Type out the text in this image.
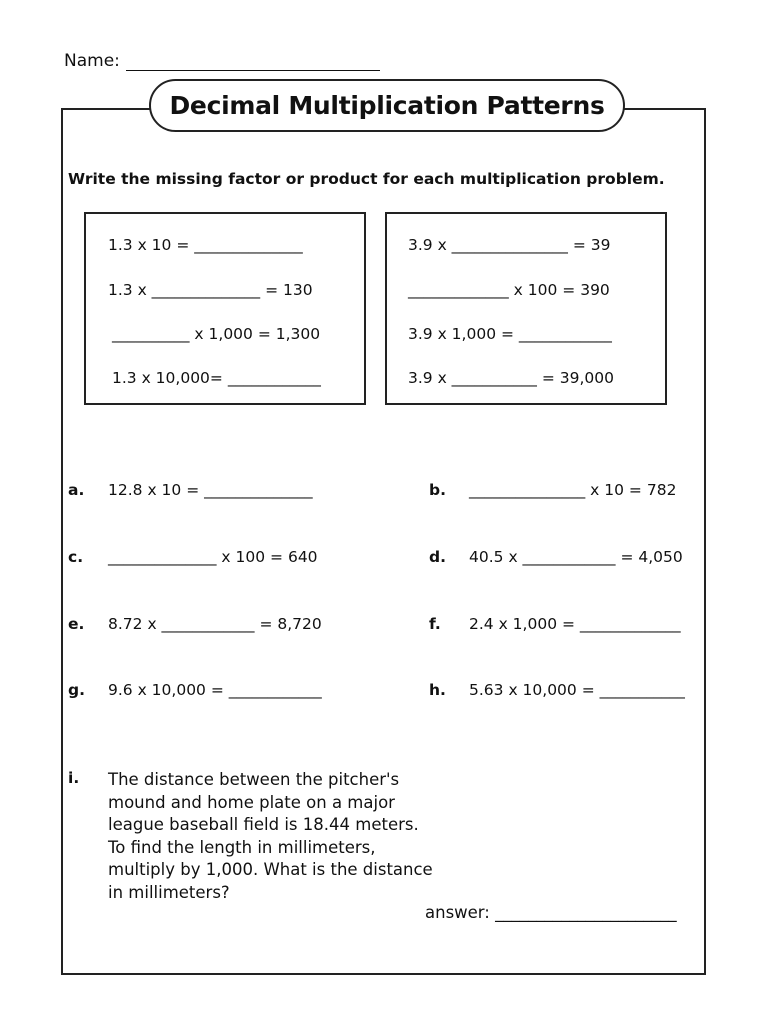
Name:
Decimal Multiplication Patterns
Write the missing factor or product for each multiplication problem.
1.3 x 10 = ______________
1.3 x ______________ = 130
__________ x 1,000 = 1,300
1.3 x 10,000= ____________
3.9 x _______________ = 39
_____________ x 100 = 390
3.9 x 1,000 = ____________
3.9 x ___________ = 39,000
a. 12.8 x 10 = ______________	b. _______________ x 10 = 782
c. ______________ x 100 = 640	d. 40.5 x ____________ = 4,050
e. 8.72 x ____________ = 8,720	f. 2.4 x 1,000 = _____________
g. 9.6 x 10,000 = ____________	h. 5.63 x 10,000 = ___________
i. The distance between the pitcher's
mound and home plate on a major
league baseball field is 18.44 meters.
To find the length in millimeters,
multiply by 1,000. What is the distance
in millimeters?
answer: ______________________
